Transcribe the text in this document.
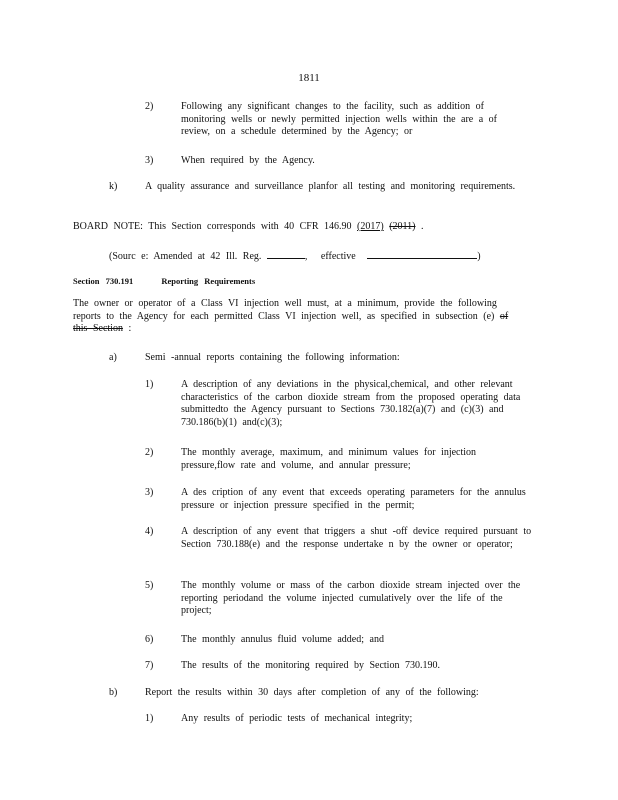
1811
2)	Following any significant changes to the facility, such as addition of monitoring wells or newly permitted injection wells within the are a of review, on a schedule determined by the Agency; or
3)	When required by the Agency.
k)	A quality assurance and surveillance planfor all testing and monitoring requirements.
BOARD NOTE: This Section corresponds with 40 CFR 146.90 (2017) (2011) .
(Sourc e: Amended at 42 Ill. Reg.	, effective	)
Section 730.191	Reporting Requirements
The owner or operator of a Class VI injection well must, at a minimum, provide the following reports to the Agency for each permitted Class VI injection well, as specified in subsection (e) of this Section :
a)	Semi -annual reports containing the following information:
1)	A description of any deviations in the physical,chemical, and other relevant characteristics of the carbon dioxide stream from the proposed operating data submittedto the Agency pursuant to Sections 730.182(a)(7) and (c)(3) and 730.186(b)(1) and(c)(3);
2)	The monthly average, maximum, and minimum values for injection pressure,flow rate and volume, and annular pressure;
3)	A des cription of any event that exceeds operating parameters for the annulus pressure or injection pressure specified in the permit;
4)	A description of any event that triggers a shut -off device required pursuant to Section 730.188(e) and the response undertake n by the owner or operator;
5)	The monthly volume or mass of the carbon dioxide stream injected over the reporting periodand the volume injected cumulatively over the life of the project;
6)	The monthly annulus fluid volume added; and
7)	The results of the monitoring required by Section 730.190.
b)	Report the results within 30 days after completion of any of the following:
1)	Any results of periodic tests of mechanical integrity;
